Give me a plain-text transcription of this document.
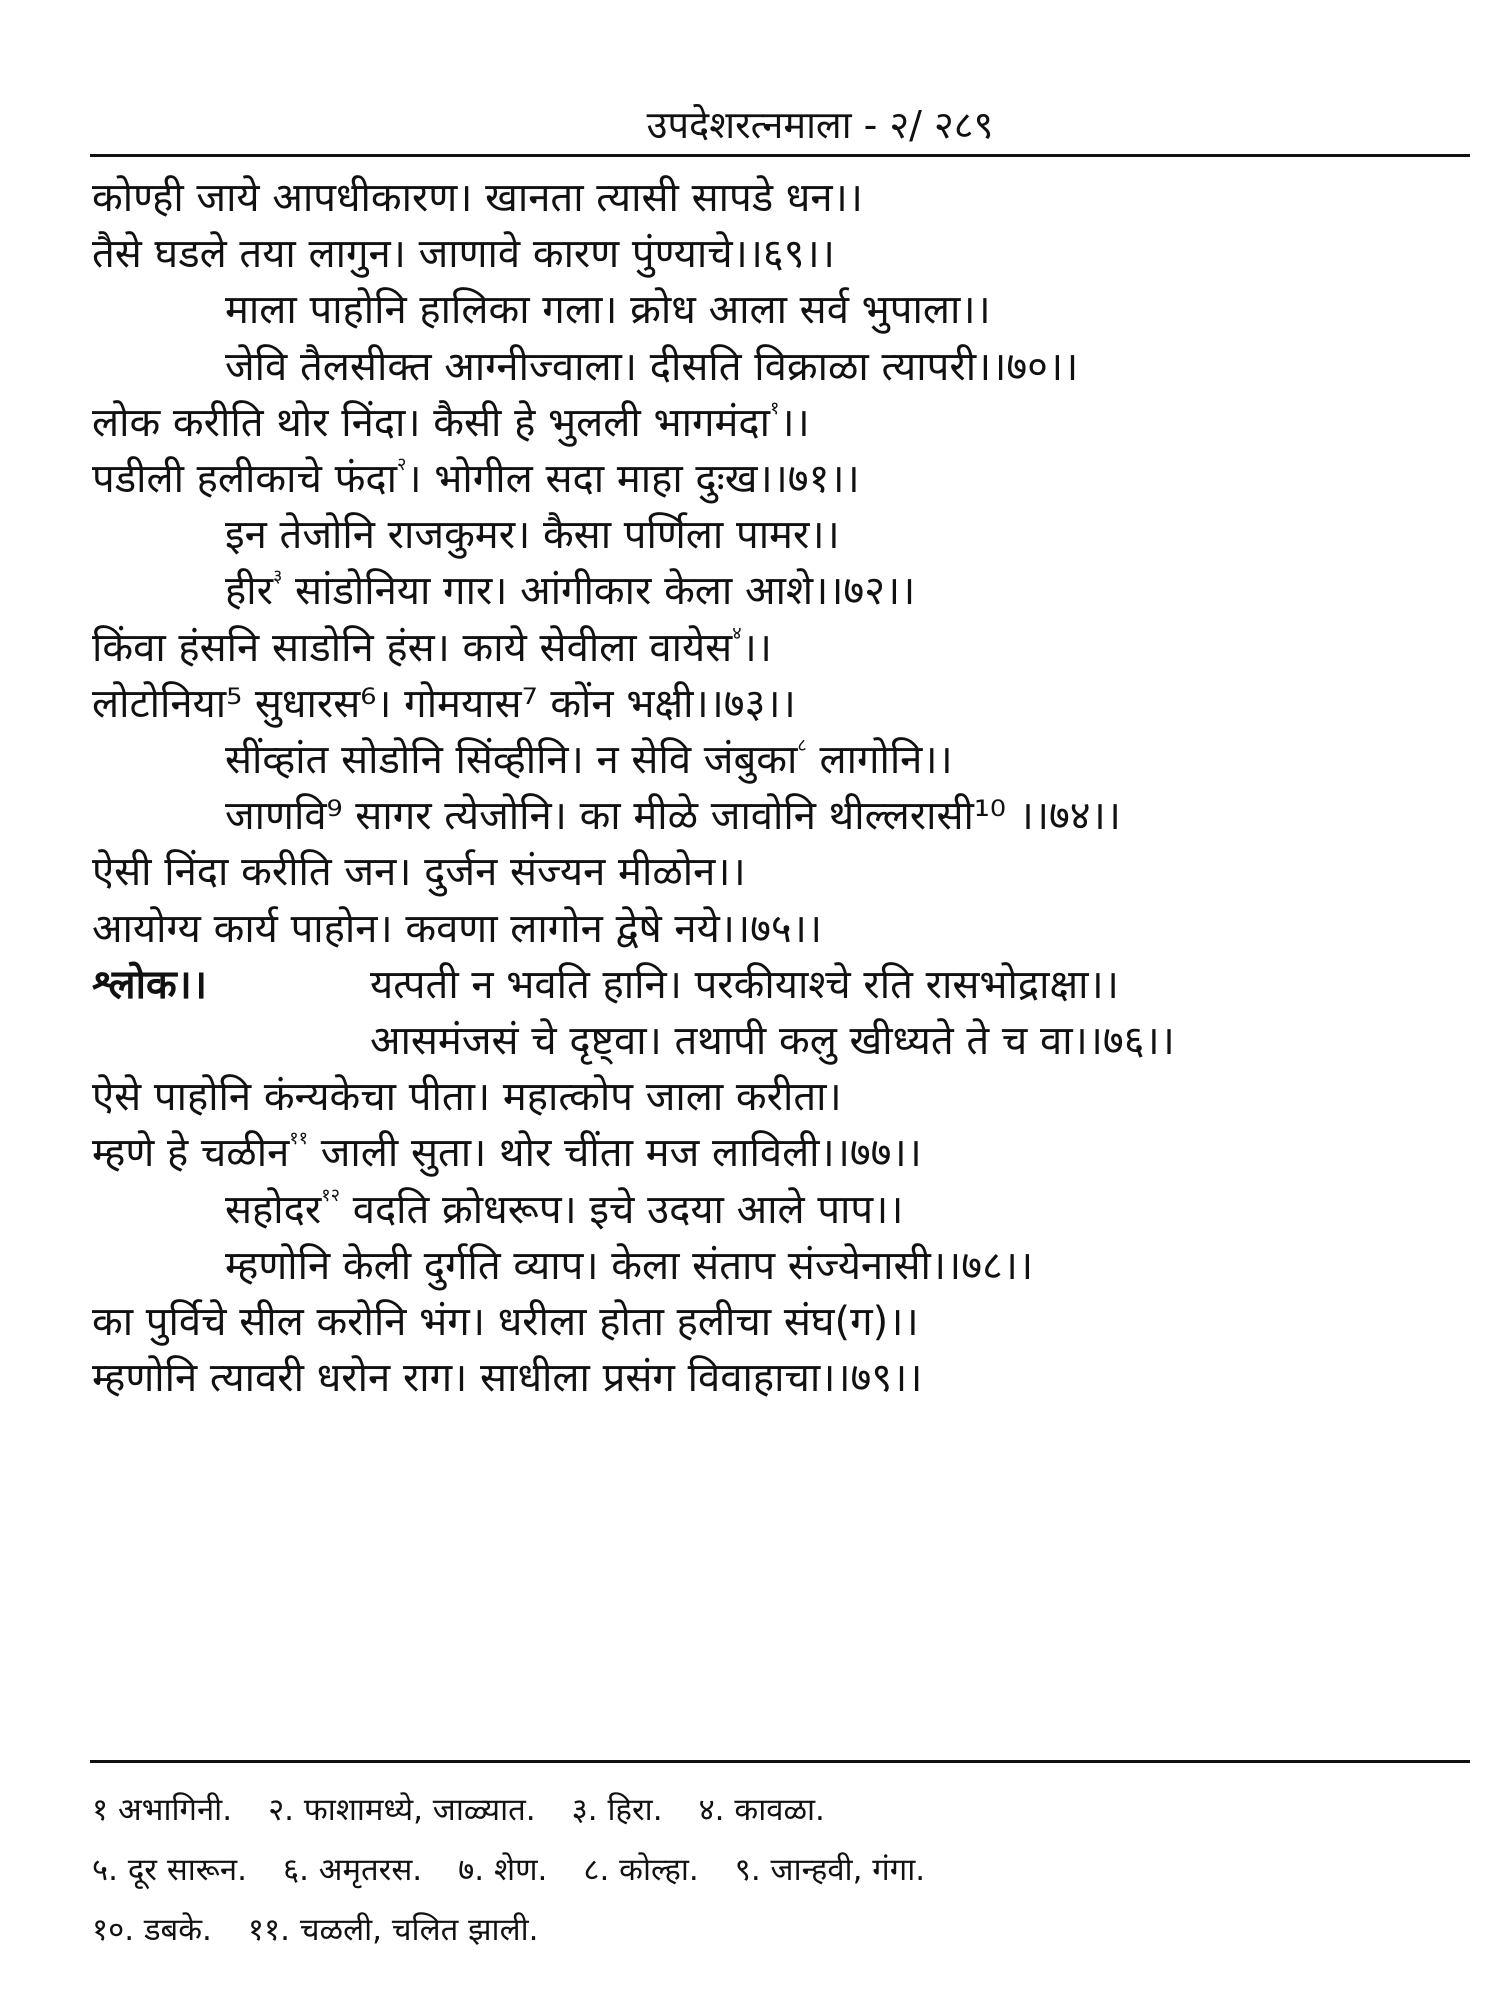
उपदेशरत्नमाला - २/ २८९
कोण्ही जाये आपधीकारण। खानता त्यासी सापडे धन।।
तैसे घडले तया लागुन। जाणावे कारण पुंण्याचे।।६९।।
माला पाहोनि हालिका गला। क्रोध आला सर्व भुपाला।।
जेवि तैलसीक्त आग्नीज्वाला। दीसति विक्राळा त्यापरी।।७०।।
लोक करीति थोर निंदा। कैसी हे भुलली भागमंदा$^१$।।
पडीली हलीकाचे फंदा$^२$। भोगील सदा माहा दुःख।।७१।।
इन तेजोनि राजकुमर। कैसा पर्णिला पामर।।
हीर$^३$ सांडोनिया गार। आंगीकार केला आशे।।७२।।
किंवा हंसनि साडोनि हंस। काये सेवीला वायेस$^४$।।
लोटोनिया⁵ सुधारस⁶। गोमयास⁷ कोंन भक्षी।।७३।।
सींव्हांत सोडोनि सिंव्हीनि। न सेवि जंबुका$^८$ लागोनि।।
जाणवि⁹ सागर त्येजोनि। का मीळे जावोनि थील्लरासी¹⁰ ।।७४।।
ऐसी निंदा करीति जन। दुर्जन संज्यन मीळोन।।
आयोग्य कार्य पाहोन। कवणा लागोन द्वेषे नये।।७५।।
श्लोक।।	यत्पती न भवति हानि। परकीयाश्चे रति रासभोद्राक्षा।।
आसमंजसं चे दृष्ट्वा। तथापी कलु खीध्यते ते च वा।।७६।।
ऐसे पाहोनि कंन्यकेचा पीता। महात्कोप जाला करीता।
म्हणे हे चळीन$^{११}$ जाली सुता। थोर चींता मज लाविली।।७७।।
सहोदर$^{१२}$ वदति क्रोधरूप। इचे उदया आले पाप।।
म्हणोनि केली दुर्गति व्याप। केला संताप संज्येनासी।।७८।।
का पुर्विचे सील करोनि भंग। धरीला होता हलीचा संघ(ग)।।
म्हणोनि त्यावरी धरोन राग। साधीला प्रसंग विवाहाचा।।७९।।
१ अभागिनी. २. फाशामध्ये, जाळ्यात. ३. हिरा. ४. कावळा.
५. दूर सारून. ६. अमृतरस. ७. शेण. ८. कोल्हा. ९. जान्हवी, गंगा.
१०. डबके. ११. चळली, चलित झाली.
